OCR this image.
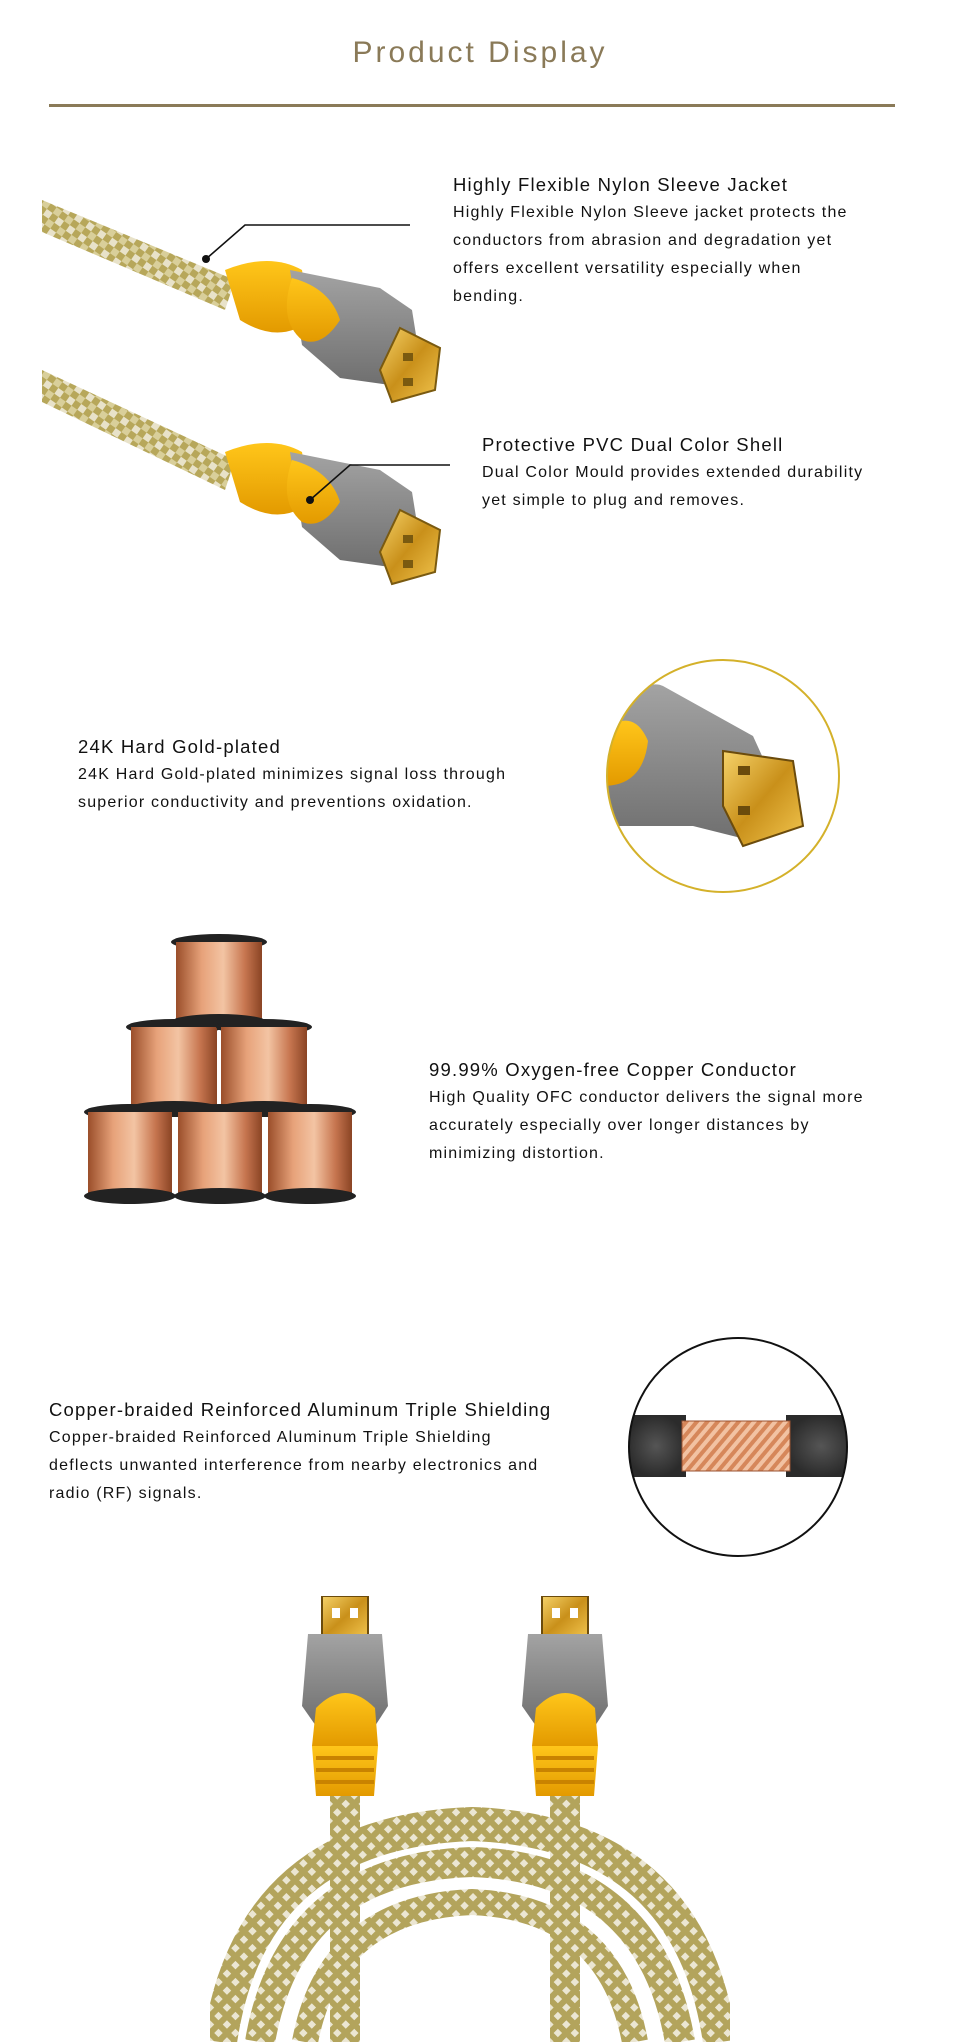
Product Display
Highly Flexible Nylon Sleeve Jacket
Highly Flexible Nylon Sleeve jacket protects the
conductors from abrasion and degradation yet
offers excellent versatility especially when
bending.
Protective PVC Dual Color Shell
Dual Color Mould provides extended durability
yet simple to plug and removes.
24K Hard Gold-plated
24K Hard Gold-plated minimizes signal loss through
superior conductivity and preventions oxidation.
99.99% Oxygen-free Copper Conductor
High Quality OFC conductor delivers the signal more
accurately especially over longer distances by
minimizing distortion.
Copper-braided Reinforced Aluminum Triple Shielding
Copper-braided Reinforced Aluminum Triple Shielding
deflects unwanted interference from nearby electronics and
radio (RF) signals.
